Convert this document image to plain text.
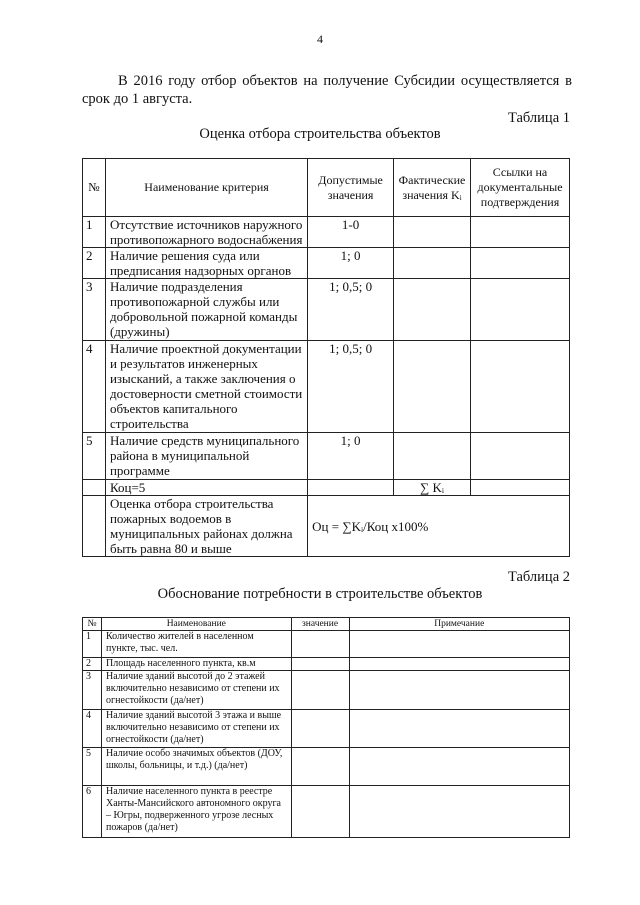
4
В 2016 году отбор объектов на получение Субсидии осуществляется в срок до 1 августа.
Таблица 1
Оценка отбора строительства объектов
№	Наименование критерия	Допустимые значения	Фактические значения Kᵢ	Ссылки на документальные подтверждения
1	Отсутствие источников наружного противопожарного водоснабжения	1-0		
2	Наличие решения суда или предписания надзорных органов	1; 0		
3	Наличие подразделения противопожарной службы или добровольной пожарной команды (дружины)	1; 0,5; 0		
4	Наличие проектной документации и результатов инженерных изысканий, а также заключения о достоверности сметной стоимости объектов капитального строительства	1; 0,5; 0		
5	Наличие средств муниципального района в муниципальной программе	1; 0		
	Коц=5		∑ Kᵢ	
	Оценка отбора строительства пожарных водоемов в муниципальных районах должна быть равна 80 и выше	Оц = ∑Kᵢ/Коц х100%		
Таблица 2
Обоснование потребности в строительстве объектов
№	Наименование	значение	Примечание
1	Количество жителей в населенном пункте, тыс. чел.		
2	Площадь населенного пункта, кв.м		
3	Наличие зданий высотой до 2 этажей включительно независимо от степени их огнестойкости (да/нет)		
4	Наличие зданий высотой 3 этажа и выше включительно независимо от степени их огнестойкости (да/нет)		
5	Наличие особо значимых объектов (ДОУ, школы, больницы, и т.д.) (да/нет)		
6	Наличие населенного пункта в реестре Ханты-Мансийского автономного округа – Югры, подверженного угрозе лесных пожаров (да/нет)		
